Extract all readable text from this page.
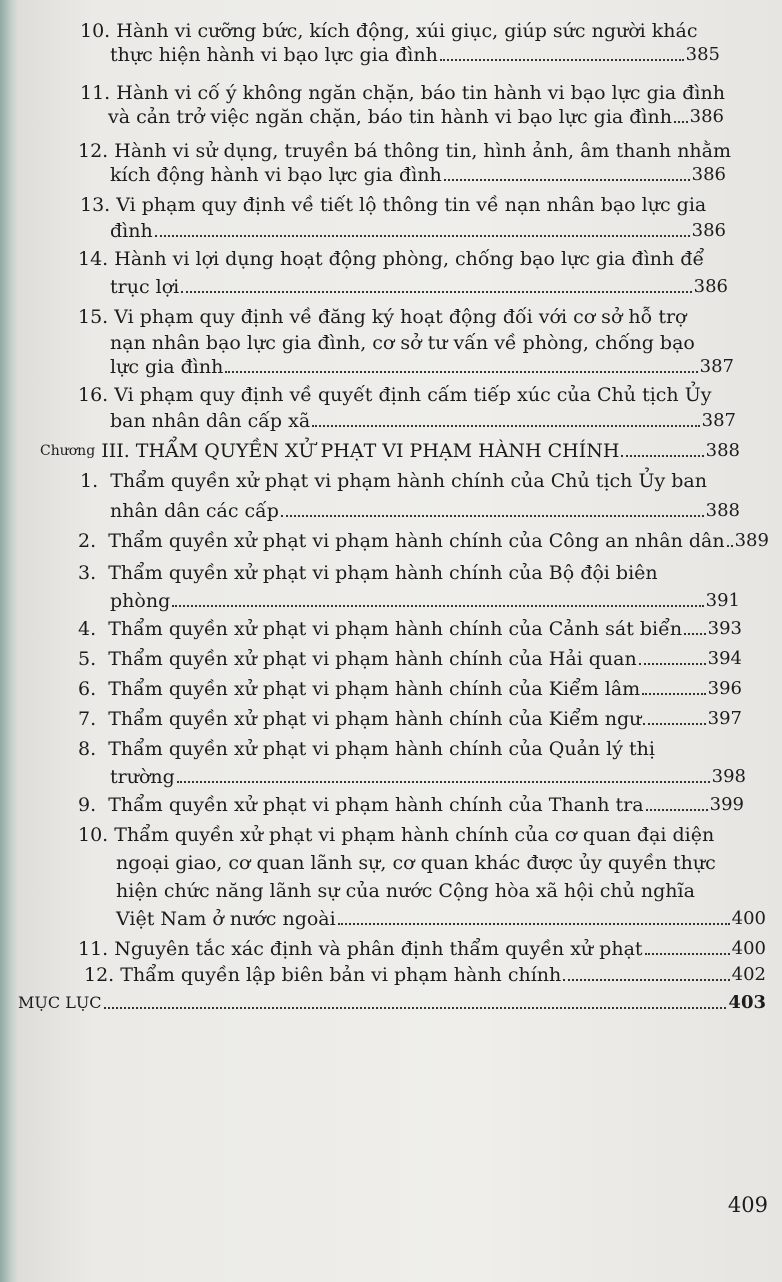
10.
Hành vi cưỡng bức, kích động, xúi giục, giúp sức người khác
thực hiện hành vi bạo lực gia đình	385
11.
Hành vi cố ý không ngăn chặn, báo tin hành vi bạo lực gia đình
và cản trở việc ngăn chặn, báo tin hành vi bạo lực gia đình 386
12.
Hành vi sử dụng, truyền bá thông tin, hình ảnh, âm thanh nhằm
kích động hành vi bạo lực gia đình	386
13.
Vi phạm quy định về tiết lộ thông tin về nạn nhân bạo lực gia
đình	386
14.
Hành vi lợi dụng hoạt động phòng, chống bạo lực gia đình để
trục lợi	386
15.
Vi phạm quy định về đăng ký hoạt động đối với cơ sở hỗ trợ
nạn nhân bạo lực gia đình, cơ sở tư vấn về phòng, chống bạo
lực gia đình	387
16.
Vi phạm quy định về quyết định cấm tiếp xúc của Chủ tịch Ủy
ban nhân dân cấp xã	387
Chương
III. THẨM QUYỀN XỬ PHẠT VI PHẠM HÀNH CHÍNH	388
1.
Thẩm quyền xử phạt vi phạm hành chính của Chủ tịch Ủy ban
nhân dân các cấp	388
2.
Thẩm quyền xử phạt vi phạm hành chính của Công an nhân dân 389
3.
Thẩm quyền xử phạt vi phạm hành chính của Bộ đội biên
phòng	391
4.
Thẩm quyền xử phạt vi phạm hành chính của Cảnh sát biển 393
5.
Thẩm quyền xử phạt vi phạm hành chính của Hải quan	394
6.
Thẩm quyền xử phạt vi phạm hành chính của Kiểm lâm	396
7.
Thẩm quyền xử phạt vi phạm hành chính của Kiểm ngư	397
8.
Thẩm quyền xử phạt vi phạm hành chính của Quản lý thị
trường	398
9.
Thẩm quyền xử phạt vi phạm hành chính của Thanh tra	399
10.
Thẩm quyền xử phạt vi phạm hành chính của cơ quan đại diện
ngoại giao, cơ quan lãnh sự, cơ quan khác được ủy quyền thực
hiện chức năng lãnh sự của nước Cộng hòa xã hội chủ nghĩa
Việt Nam ở nước ngoài	400
11.
Nguyên tắc xác định và phân định thẩm quyền xử phạt	400
12.
Thẩm quyền lập biên bản vi phạm hành chính	402
MỤC LỤC	403
409
